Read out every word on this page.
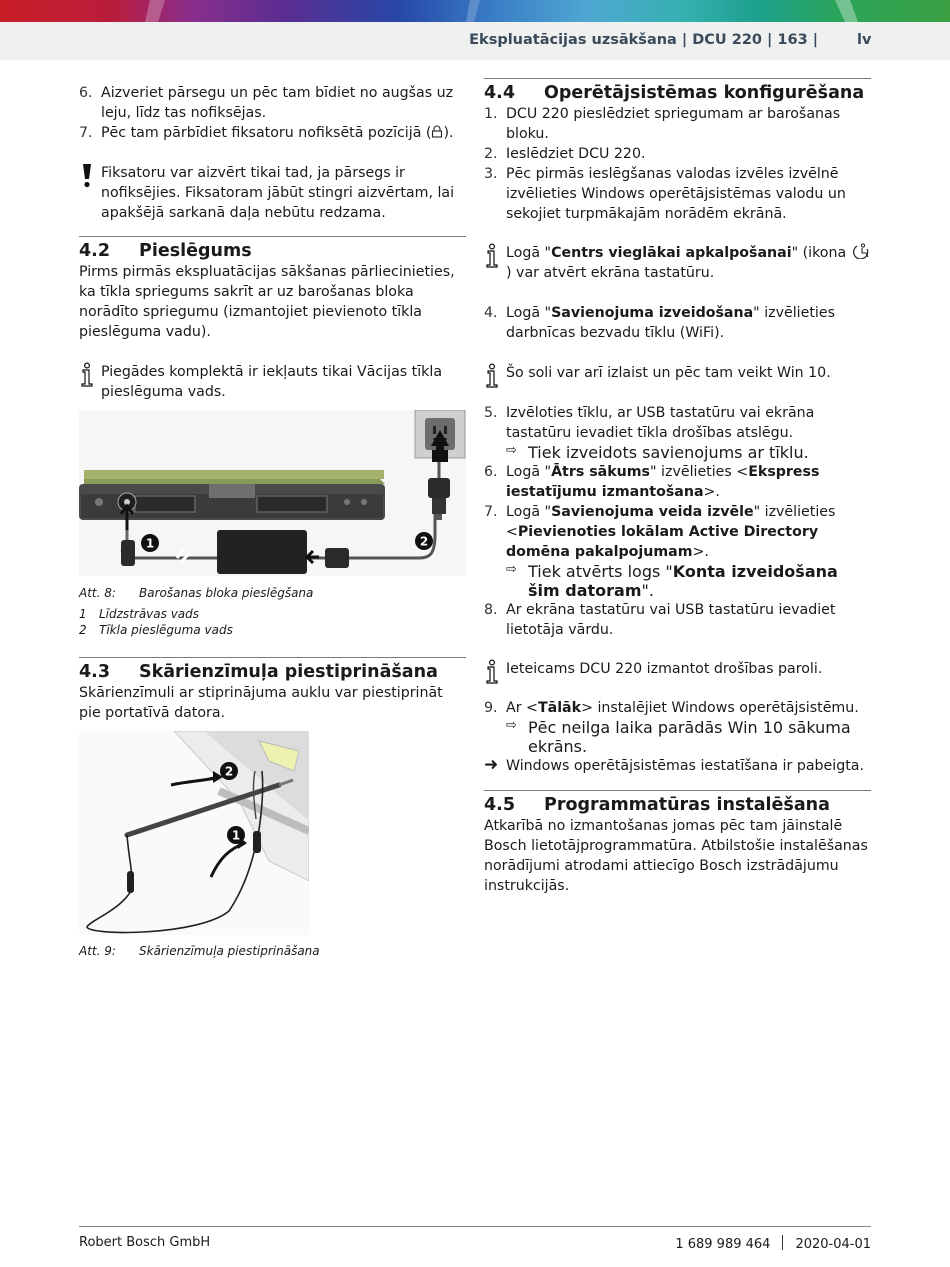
Ekspluatācijas uzsākšana | DCU 220 | 163 |	lv
6. Aizveriet pārsegu un pēc tam bīdiet no augšas uz leju, līdz tas nofiksējas.
7. Pēc tam pārbīdiet fiksatoru nofiksētā pozīcijā ( ).
Fiksatoru var aizvērt tikai tad, ja pārsegs ir nofiksējies. Fiksatoram jābūt stingri aizvērtam, lai apakšējā sarkanā daļa nebūtu redzama.
4.2 Pieslēgums

Pirms pirmās ekspluatācijas sākšanas pārliecinieties, ka tīkla spriegums sakrīt ar uz barošanas bloka norādīto spriegumu (izmantojiet pievienoto tīkla pieslēguma vadu).

Piegādes komplektā ir iekļauts tikai Vācijas tīkla pieslēguma vads.
1	2
Att. 8: Barošanas bloka pieslēgšana
1 Līdzstrāvas vads
2 Tīkla pieslēguma vads
4.3 Skārienzīmuļa piestiprināšana

Skārienzīmuli ar stiprinājuma auklu var piestiprināt pie portatīvā datora.

1
2
Att. 9: Skārienzīmuļa piestiprināšana
4.4 Operētājsistēmas konfigurēšana
1. DCU 220 pieslēdziet spriegumam ar barošanas bloku.
2. Ieslēdziet DCU 220.
3. Pēc pirmās ieslēgšanas valodas izvēles izvēlnē izvēlieties Windows operētājsistēmas valodu un sekojiet turpmākajām norādēm ekrānā.
Logā "Centrs vieglākai apkalpošanai" (ikona ) var atvērt ekrāna tastatūru.
4. Logā "Savienojuma izveidošana" izvēlieties darbnīcas bezvadu tīklu (WiFi).
Šo soli var arī izlaist un pēc tam veikt Win 10.
5. Izvēloties tīklu, ar USB tastatūru vai ekrāna tastatūru ievadiet tīkla drošības atslēgu.
⇨ Tiek izveidots savienojums ar tīklu.
6. Logā "Ātrs sākums" izvēlieties <Ekspress iestatījumu izmantošana>.
7. Logā "Savienojuma veida izvēle" izvēlieties <Pievienoties lokālam Active Directory domēna pakalpojumam>.
⇨ Tiek atvērts logs "Konta izveidošana šim datoram".
8. Ar ekrāna tastatūru vai USB tastatūru ievadiet lietotāja vārdu.
Ieteicams DCU 220 izmantot drošības paroli.
9. Ar <Tālāk> instalējiet Windows operētājsistēmu.
⇨ Pēc neilga laika parādās Win 10 sākuma ekrāns.
➜ Windows operētājsistēmas iestatīšana ir pabeigta.
4.5 Programmatūras instalēšana

Atkarībā no izmantošanas jomas pēc tam jāinstalē Bosch lietotājprogrammatūra. Atbilstošie instalēšanas norādījumi atrodami attiecīgo Bosch izstrādājumu instrukcijās.

Robert Bosch GmbH	1 689 989 464 2020-04-01
